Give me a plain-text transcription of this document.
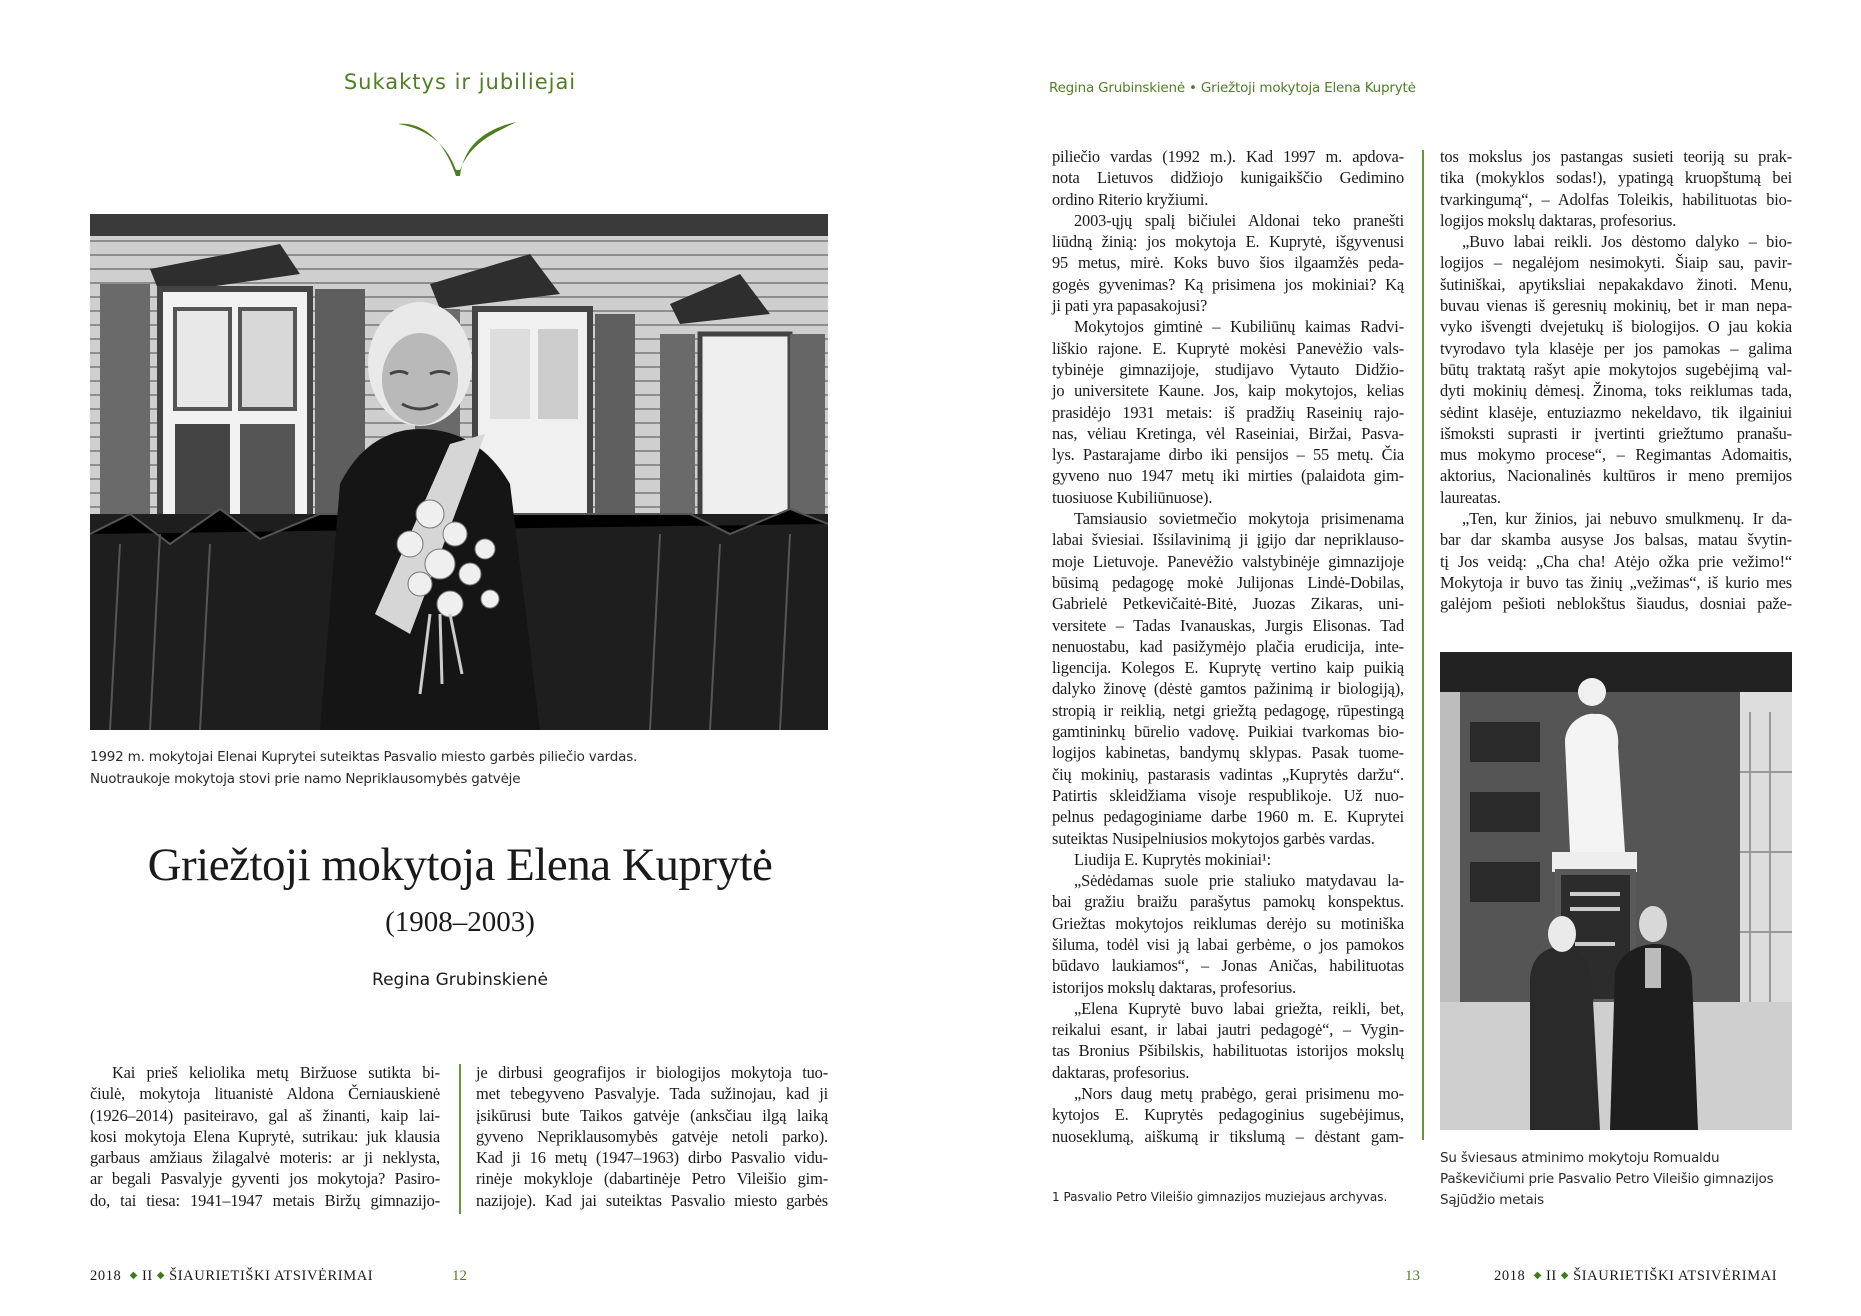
Sukaktys ir jubiliejai
1992 m. mokytojai Elenai Kuprytei suteiktas Pasvalio miesto garbės piliečio vardas.
Nuotraukoje mokytoja stovi prie namo Nepriklausomybės gatvėje
Griežtoji mokytoja Elena Kuprytė
(1908–2003)
Regina Grubinskienė
Kai prieš keliolika metų Biržuose sutikta bi-
čiulė, mokytoja lituanistė Aldona Černiauskienė
(1926–2014) pasiteiravo, gal aš žinanti, kaip lai-
kosi mokytoja Elena Kuprytė, sutrikau: juk klausia
garbaus amžiaus žilagalvė moteris: ar ji neklysta,
ar begali Pasvalyje gyventi jos mokytoja? Pasiro-
do, tai tiesa: 1941–1947 metais Biržų gimnazijo-
je dirbusi geografijos ir biologijos mokytoja tuo-
met tebegyveno Pasvalyje. Tada sužinojau, kad ji
įsikūrusi bute Taikos gatvėje (anksčiau ilgą laiką
gyveno Nepriklausomybės gatvėje netoli parko).
Kad ji 16 metų (1947–1963) dirbo Pasvalio vidu-
rinėje mokykloje (dabartinėje Petro Vileišio gim-
nazijoje). Kad jai suteiktas Pasvalio miesto garbės
2018 ◆ II ◆ ŠIAURIETIŠKI ATSIVĖRIMAI	12
Regina Grubinskienė • Griežtoji mokytoja Elena Kuprytė
piliečio vardas (1992 m.). Kad 1997 m. apdova-
nota Lietuvos didžiojo kunigaikščio Gedimino
ordino Riterio kryžiumi.
2003-ųjų spalį bičiulei Aldonai teko pranešti
liūdną žinią: jos mokytoja E. Kuprytė, išgyvenusi
95 metus, mirė. Koks buvo šios ilgaamžės peda-
gogės gyvenimas? Ką prisimena jos mokiniai? Ką
ji pati yra papasakojusi?
Mokytojos gimtinė – Kubiliūnų kaimas Radvi-
liškio rajone. E. Kuprytė mokėsi Panevėžio vals-
tybinėje gimnazijoje, studijavo Vytauto Didžio-
jo universitete Kaune. Jos, kaip mokytojos, kelias
prasidėjo 1931 metais: iš pradžių Raseinių rajo-
nas, vėliau Kretinga, vėl Raseiniai, Biržai, Pasva-
lys. Pastarajame dirbo iki pensijos – 55 metų. Čia
gyveno nuo 1947 metų iki mirties (palaidota gim-
tuosiuose Kubiliūnuose).
Tamsiausio sovietmečio mokytoja prisimenama
labai šviesiai. Išsilavinimą ji įgijo dar nepriklauso-
moje Lietuvoje. Panevėžio valstybinėje gimnazijoje
būsimą pedagogę mokė Julijonas Lindė-Dobilas,
Gabrielė Petkevičaitė-Bitė, Juozas Zikaras, uni-
versitete – Tadas Ivanauskas, Jurgis Elisonas. Tad
nenuostabu, kad pasižymėjo plačia erudicija, inte-
ligencija. Kolegos E. Kuprytę vertino kaip puikią
dalyko žinovę (dėstė gamtos pažinimą ir biologiją),
stropią ir reiklią, netgi griežtą pedagogę, rūpestingą
gamtininkų būrelio vadovę. Puikiai tvarkomas bio-
logijos kabinetas, bandymų sklypas. Pasak tuome-
čių mokinių, pastarasis vadintas „Kuprytės daržu“.
Patirtis skleidžiama visoje respublikoje. Už nuo-
pelnus pedagoginiame darbe 1960 m. E. Kuprytei
suteiktas Nusipelniusios mokytojos garbės vardas.
Liudija E. Kuprytės mokiniai¹:
„Sėdėdamas suole prie staliuko matydavau la-
bai gražiu braižu parašytus pamokų konspektus.
Griežtas mokytojos reiklumas derėjo su motiniška
šiluma, todėl visi ją labai gerbėme, o jos pamokos
būdavo laukiamos“, – Jonas Aničas, habilituotas
istorijos mokslų daktaras, profesorius.
„Elena Kuprytė buvo labai griežta, reikli, bet,
reikalui esant, ir labai jautri pedagogė“, – Vygin-
tas Bronius Pšibilskis, habilituotas istorijos mokslų
daktaras, profesorius.
„Nors daug metų prabėgo, gerai prisimenu mo-
kytojos E. Kuprytės pedagoginius sugebėjimus,
nuoseklumą, aiškumą ir tikslumą – dėstant gam-
tos mokslus jos pastangas susieti teoriją su prak-
tika (mokyklos sodas!), ypatingą kruopštumą bei
tvarkingumą“, – Adolfas Toleikis, habilituotas bio-
logijos mokslų daktaras, profesorius.
„Buvo labai reikli. Jos dėstomo dalyko – bio-
logijos – negalėjom nesimokyti. Šiaip sau, pavir-
šutiniškai, apytiksliai nepakakdavo žinoti. Menu,
buvau vienas iš geresnių mokinių, bet ir man nepa-
vyko išvengti dvejetukų iš biologijos. O jau kokia
tvyrodavo tyla klasėje per jos pamokas – galima
būtų traktatą rašyt apie mokytojos sugebėjimą val-
dyti mokinių dėmesį. Žinoma, toks reiklumas tada,
sėdint klasėje, entuziazmo nekeldavo, tik ilgainiui
išmoksti suprasti ir įvertinti griežtumo pranašu-
mus mokymo procese“, – Regimantas Adomaitis,
aktorius, Nacionalinės kultūros ir meno premijos
laureatas.
„Ten, kur žinios, jai nebuvo smulkmenų. Ir da-
bar dar skamba ausyse Jos balsas, matau švytin-
tį Jos veidą: „Cha cha! Atėjo ožka prie vežimo!“
Mokytoja ir buvo tas žinių „vežimas“, iš kurio mes
galėjom pešioti neblokštus šiaudus, dosniai paže-
1 Pasvalio Petro Vileišio gimnazijos muziejaus archyvas.
Su šviesaus atminimo mokytoju Romualdu
Paškevičiumi prie Pasvalio Petro Vileišio gimnazijos
Sąjūdžio metais
13	2018 ◆ II ◆ ŠIAURIETIŠKI ATSIVĖRIMAI
